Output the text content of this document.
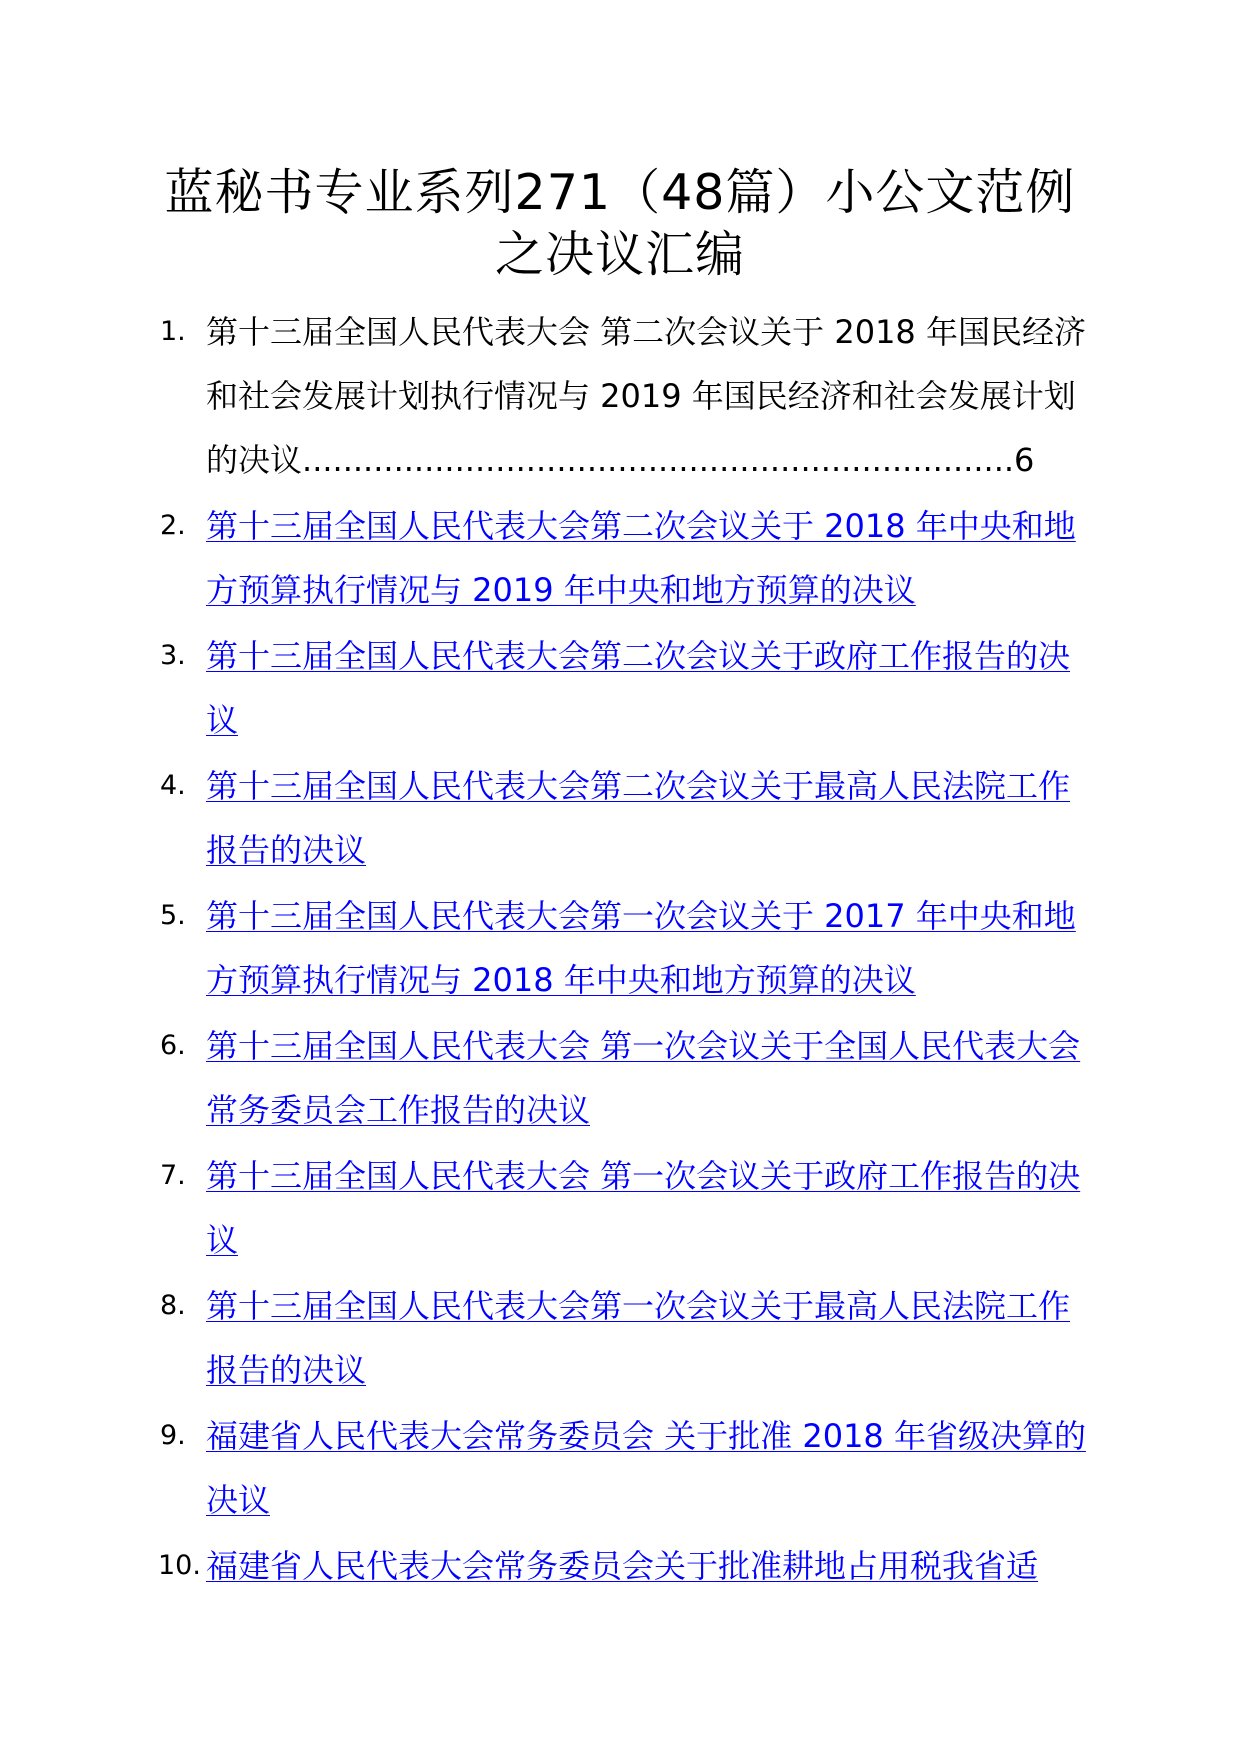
蓝秘书专业系列271（48篇）小公文范例之决议汇编
1. 第十三届全国人民代表大会 第二次会议关于 2018 年国民经济和社会发展计划执行情况与 2019 年国民经济和社会发展计划的决议......................................................................6
2. 第十三届全国人民代表大会第二次会议关于 2018 年中央和地方预算执行情况与 2019 年中央和地方预算的决议
3. 第十三届全国人民代表大会第二次会议关于政府工作报告的决议
4. 第十三届全国人民代表大会第二次会议关于最高人民法院工作报告的决议
5. 第十三届全国人民代表大会第一次会议关于 2017 年中央和地方预算执行情况与 2018 年中央和地方预算的决议
6. 第十三届全国人民代表大会 第一次会议关于全国人民代表大会常务委员会工作报告的决议
7. 第十三届全国人民代表大会 第一次会议关于政府工作报告的决议
8. 第十三届全国人民代表大会第一次会议关于最高人民法院工作报告的决议
9. 福建省人民代表大会常务委员会 关于批准 2018 年省级决算的决议
10. 福建省人民代表大会常务委员会关于批准耕地占用税我省适
